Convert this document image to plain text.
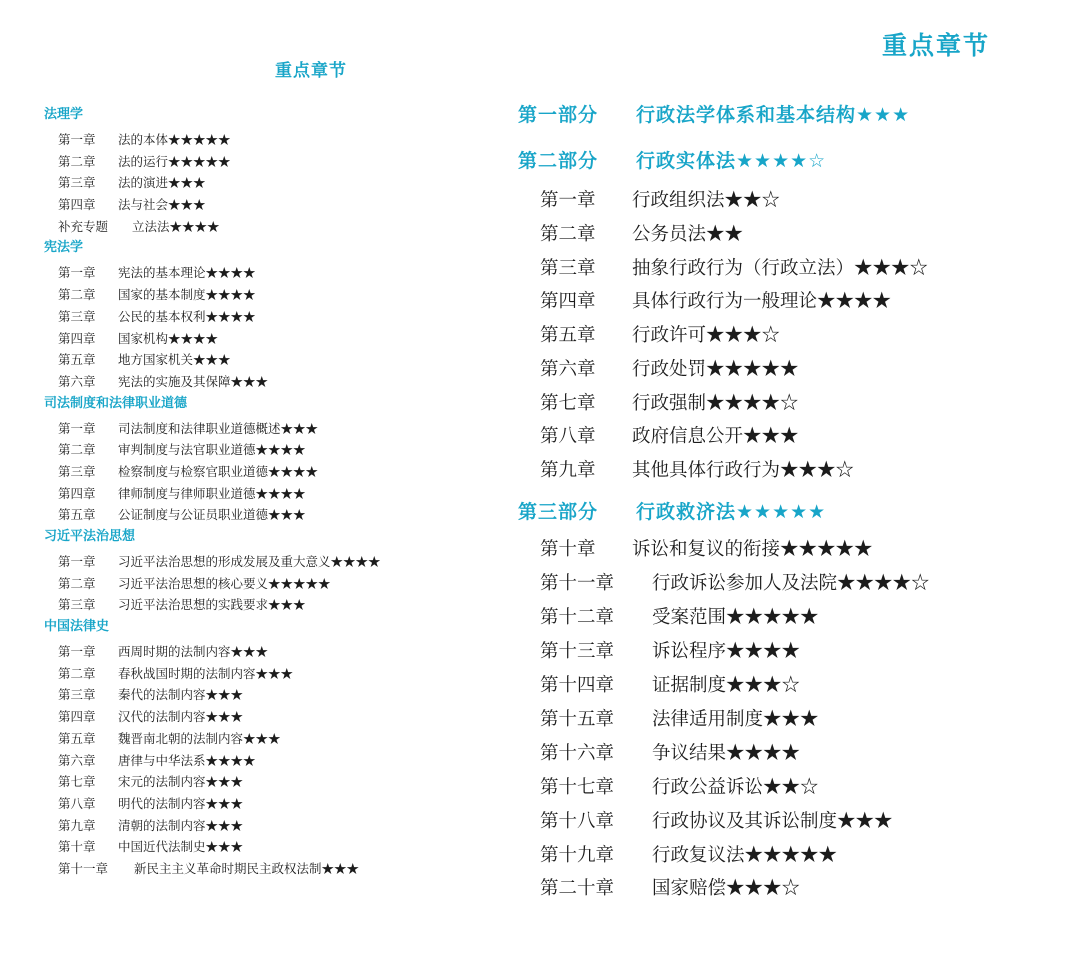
重点章节
法理学
第一章	法的本体★★★★★
第二章	法的运行★★★★★
第三章	法的演进★★★
第四章	法与社会★★★
补充专题	立法法★★★★
宪法学
第一章	宪法的基本理论★★★★
第二章	国家的基本制度★★★★
第三章	公民的基本权利★★★★
第四章	国家机构★★★★
第五章	地方国家机关★★★
第六章	宪法的实施及其保障★★★
司法制度和法律职业道德
第一章	司法制度和法律职业道德概述★★★
第二章	审判制度与法官职业道德★★★★
第三章	检察制度与检察官职业道德★★★★
第四章	律师制度与律师职业道德★★★★
第五章	公证制度与公证员职业道德★★★
习近平法治思想
第一章	习近平法治思想的形成发展及重大意义★★★★
第二章	习近平法治思想的核心要义★★★★★
第三章	习近平法治思想的实践要求★★★
中国法律史
第一章	西周时期的法制内容★★★
第二章	春秋战国时期的法制内容★★★
第三章	秦代的法制内容★★★
第四章	汉代的法制内容★★★
第五章	魏晋南北朝的法制内容★★★
第六章	唐律与中华法系★★★★
第七章	宋元的法制内容★★★
第八章	明代的法制内容★★★
第九章	清朝的法制内容★★★
第十章	中国近代法制史★★★
第十一章	新民主主义革命时期民主政权法制★★★
重点章节
第一部分 行政法学体系和基本结构★★★
第二部分 行政实体法★★★★☆
第一章	行政组织法★★☆
第二章	公务员法★★
第三章	抽象行政行为（行政立法）★★★☆
第四章	具体行政行为一般理论★★★★
第五章	行政许可★★★☆
第六章	行政处罚★★★★★
第七章	行政强制★★★★☆
第八章	政府信息公开★★★
第九章	其他具体行政行为★★★☆
第三部分 行政救济法★★★★★
第十章	诉讼和复议的衔接★★★★★
第十一章	行政诉讼参加人及法院★★★★☆
第十二章	受案范围★★★★★
第十三章	诉讼程序★★★★
第十四章	证据制度★★★☆
第十五章	法律适用制度★★★
第十六章	争议结果★★★★
第十七章	行政公益诉讼★★☆
第十八章	行政协议及其诉讼制度★★★
第十九章	行政复议法★★★★★
第二十章	国家赔偿★★★☆
